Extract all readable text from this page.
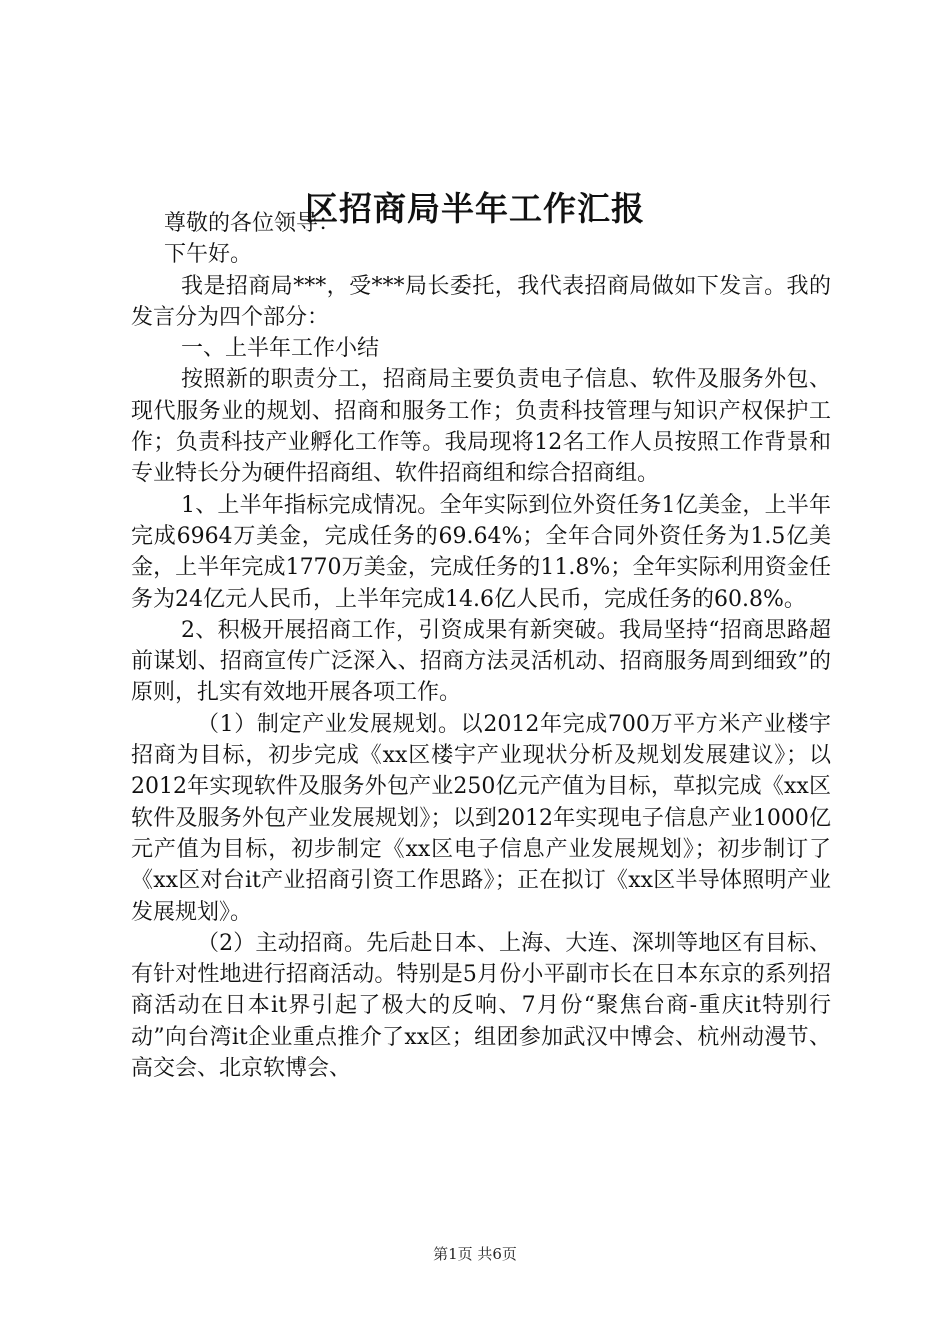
区招商局半年工作汇报

尊敬的各位领导：

下午好。

我是招商局***，受***局长委托，我代表招商局做如下发言。我的发言分为四个部分：

一、上半年工作小结

按照新的职责分工，招商局主要负责电子信息、软件及服务外包、现代服务业的规划、招商和服务工作；负责科技管理与知识产权保护工作；负责科技产业孵化工作等。我局现将12名工作人员按照工作背景和专业特长分为硬件招商组、软件招商组和综合招商组。

1、上半年指标完成情况。全年实际到位外资任务1亿美金，上半年完成6964万美金，完成任务的69.64%；全年合同外资任务为1.5亿美金，上半年完成1770万美金，完成任务的11.8%；全年实际利用资金任务为24亿元人民币，上半年完成14.6亿人民币，完成任务的60.8%。

2、积极开展招商工作，引资成果有新突破。我局坚持“招商思路超前谋划、招商宣传广泛深入、招商方法灵活机动、招商服务周到细致”的原则，扎实有效地开展各项工作。

（1）制定产业发展规划。以2012年完成700万平方米产业楼宇招商为目标，初步完成《xx区楼宇产业现状分析及规划发展建议》；以2012年实现软件及服务外包产业250亿元产值为目标，草拟完成《xx区软件及服务外包产业发展规划》；以到2012年实现电子信息产业1000亿元产值为目标，初步制定《xx区电子信息产业发展规划》；初步制订了《xx区对台it产业招商引资工作思路》；正在拟订《xx区半导体照明产业发展规划》。

（2）主动招商。先后赴日本、上海、大连、深圳等地区有目标、有针对性地进行招商活动。特别是5月份小平副市长在日本东京的系列招商活动在日本it界引起了极大的反响、7月份“聚焦台商-重庆it特别行动”向台湾it企业重点推介了xx区；组团参加武汉中博会、杭州动漫节、高交会、北京软博会、

第1页 共6页
